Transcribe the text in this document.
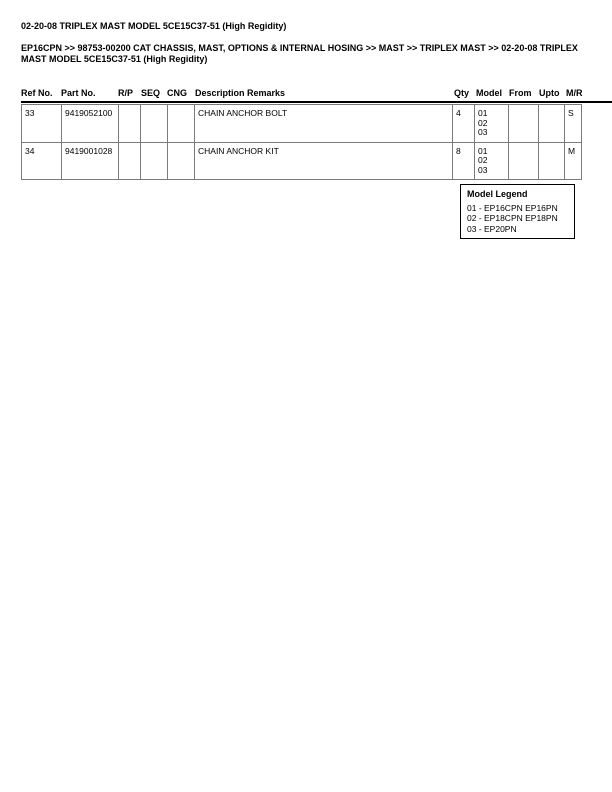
02-20-08 TRIPLEX MAST MODEL 5CE15C37-51 (High Regidity)
EP16CPN >> 98753-00200 CAT CHASSIS, MAST, OPTIONS & INTERNAL HOSING >> MAST >> TRIPLEX MAST >> 02-20-08 TRIPLEX MAST MODEL 5CE15C37-51 (High Regidity)
Ref No. Part No. R/P SEQ CNG Description Remarks	Qty Model From Upto M/R
33	9419052100				CHAIN ANCHOR BOLT	4	01
02
03			S
34	9419001028				CHAIN ANCHOR KIT	8	01
02
03			M
Model Legend
01 - EP16CPN EP16PN
02 - EP18CPN EP18PN
03 - EP20PN
